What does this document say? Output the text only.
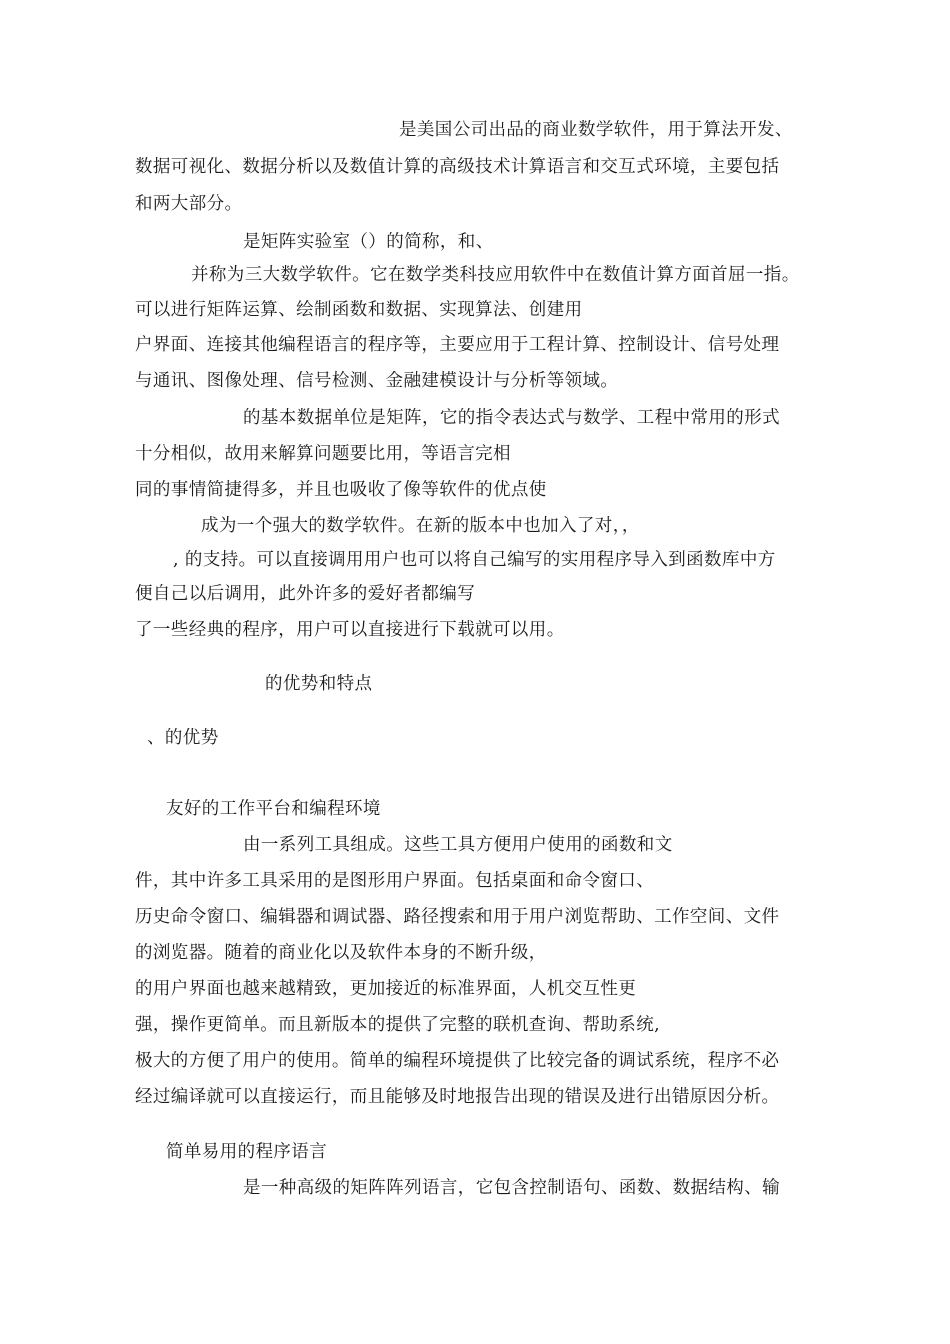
是美国公司出品的商业数学软件，用于算法开发、
数据可视化、数据分析以及数值计算的高级技术计算语言和交互式环境，主要包括
和两大部分。
是矩阵实验室（）的简称，和、
并称为三大数学软件。它在数学类科技应用软件中在数值计算方面首屈一指。
可以进行矩阵运算、绘制函数和数据、实现算法、创建用
户界面、连接其他编程语言的程序等，主要应用于工程计算、控制设计、信号处理
与通讯、图像处理、信号检测、金融建模设计与分析等领域。
的基本数据单位是矩阵，它的指令表达式与数学、工程中常用的形式
十分相似，故用来解算问题要比用，等语言完相
同的事情简捷得多，并且也吸收了像等软件的优点使
成为一个强大的数学软件。在新的版本中也加入了对，，
, 的支持。可以直接调用用户也可以将自己编写的实用程序导入到函数库中方
便自己以后调用，此外许多的爱好者都编写
了一些经典的程序，用户可以直接进行下载就可以用。
的优势和特点
、的优势
友好的工作平台和编程环境
由一系列工具组成。这些工具方便用户使用的函数和文
件，其中许多工具采用的是图形用户界面。包括桌面和命令窗口、
历史命令窗口、编辑器和调试器、路径搜索和用于用户浏览帮助、工作空间、文件
的浏览器。随着的商业化以及软件本身的不断升级，
的用户界面也越来越精致，更加接近的标准界面，人机交互性更
强，操作更简单。而且新版本的提供了完整的联机查询、帮助系统,
极大的方便了用户的使用。简单的编程环境提供了比较完备的调试系统，程序不必
经过编译就可以直接运行，而且能够及时地报告出现的错误及进行出错原因分析。
简单易用的程序语言
是一种高级的矩阵阵列语言，它包含控制语句、函数、数据结构、输
